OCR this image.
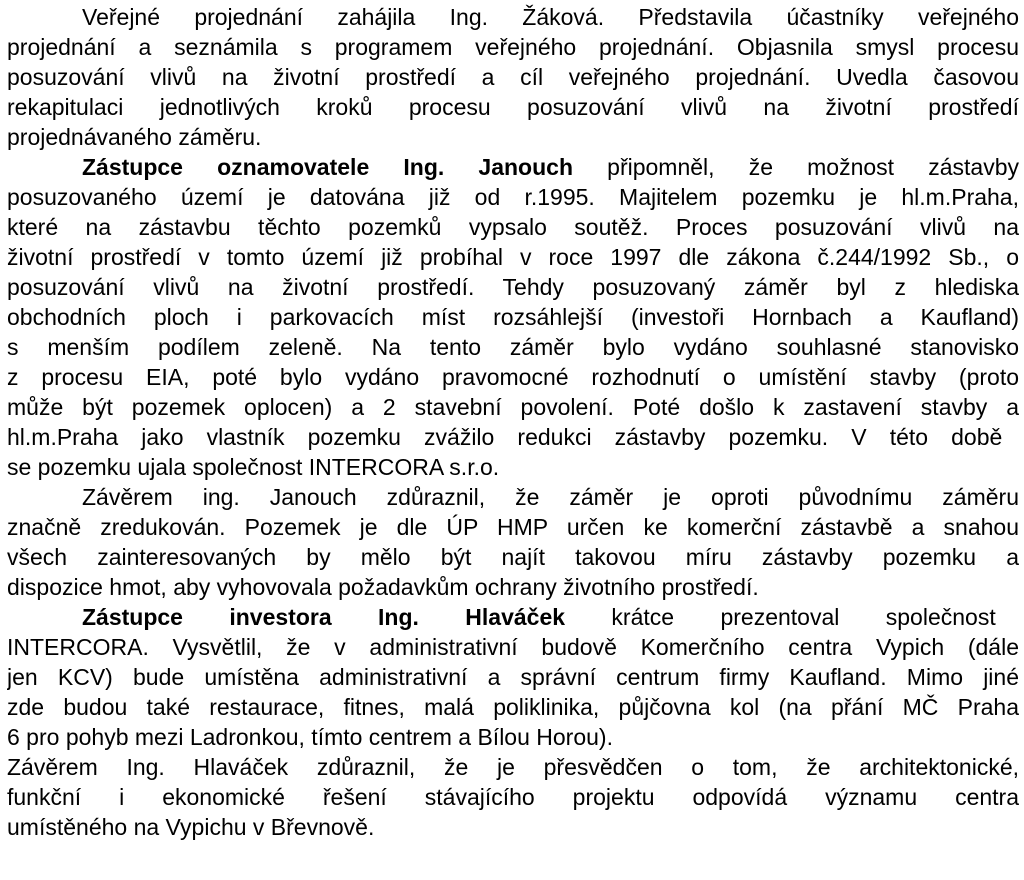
Veřejné projednání zahájila Ing. Žáková. Představila účastníky veřejného
projednání a seznámila s programem veřejného projednání. Objasnila smysl procesu
posuzování vlivů na životní prostředí a cíl veřejného projednání. Uvedla časovou
rekapitulaci jednotlivých kroků procesu posuzování vlivů na životní prostředí
projednávaného záměru.
Zástupce oznamovatele Ing. Janouch připomněl, že možnost zástavby
posuzovaného území je datována již od r.1995. Majitelem pozemku je hl.m.Praha,
které na zástavbu těchto pozemků vypsalo soutěž. Proces posuzování vlivů na
životní prostředí v tomto území již probíhal v roce 1997 dle zákona č.244/1992 Sb., o
posuzování vlivů na životní prostředí. Tehdy posuzovaný záměr byl z hlediska
obchodních ploch i parkovacích míst rozsáhlejší (investoři Hornbach a Kaufland)
s menším podílem zeleně. Na tento záměr bylo vydáno souhlasné stanovisko
z procesu EIA, poté bylo vydáno pravomocné rozhodnutí o umístění stavby (proto
může být pozemek oplocen) a 2 stavební povolení. Poté došlo k zastavení stavby a
hl.m.Praha jako vlastník pozemku zvážilo redukci zástavby pozemku. V této době
se pozemku ujala společnost INTERCORA s.r.o.
Závěrem ing. Janouch zdůraznil, že záměr je oproti původnímu záměru
značně zredukován. Pozemek je dle ÚP HMP určen ke komerční zástavbě a snahou
všech zainteresovaných by mělo být najít takovou míru zástavby pozemku a
dispozice hmot, aby vyhovovala požadavkům ochrany životního prostředí.
Zástupce investora Ing. Hlaváček krátce prezentoval společnost
INTERCORA. Vysvětlil, že v administrativní budově Komerčního centra Vypich (dále
jen KCV) bude umístěna administrativní a správní centrum firmy Kaufland. Mimo jiné
zde budou také restaurace, fitnes, malá poliklinika, půjčovna kol (na přání MČ Praha
6 pro pohyb mezi Ladronkou, tímto centrem a Bílou Horou).
Závěrem Ing. Hlaváček zdůraznil, že je přesvědčen o tom, že architektonické,
funkční i ekonomické řešení stávajícího projektu odpovídá významu centra
umístěného na Vypichu v Břevnově.
